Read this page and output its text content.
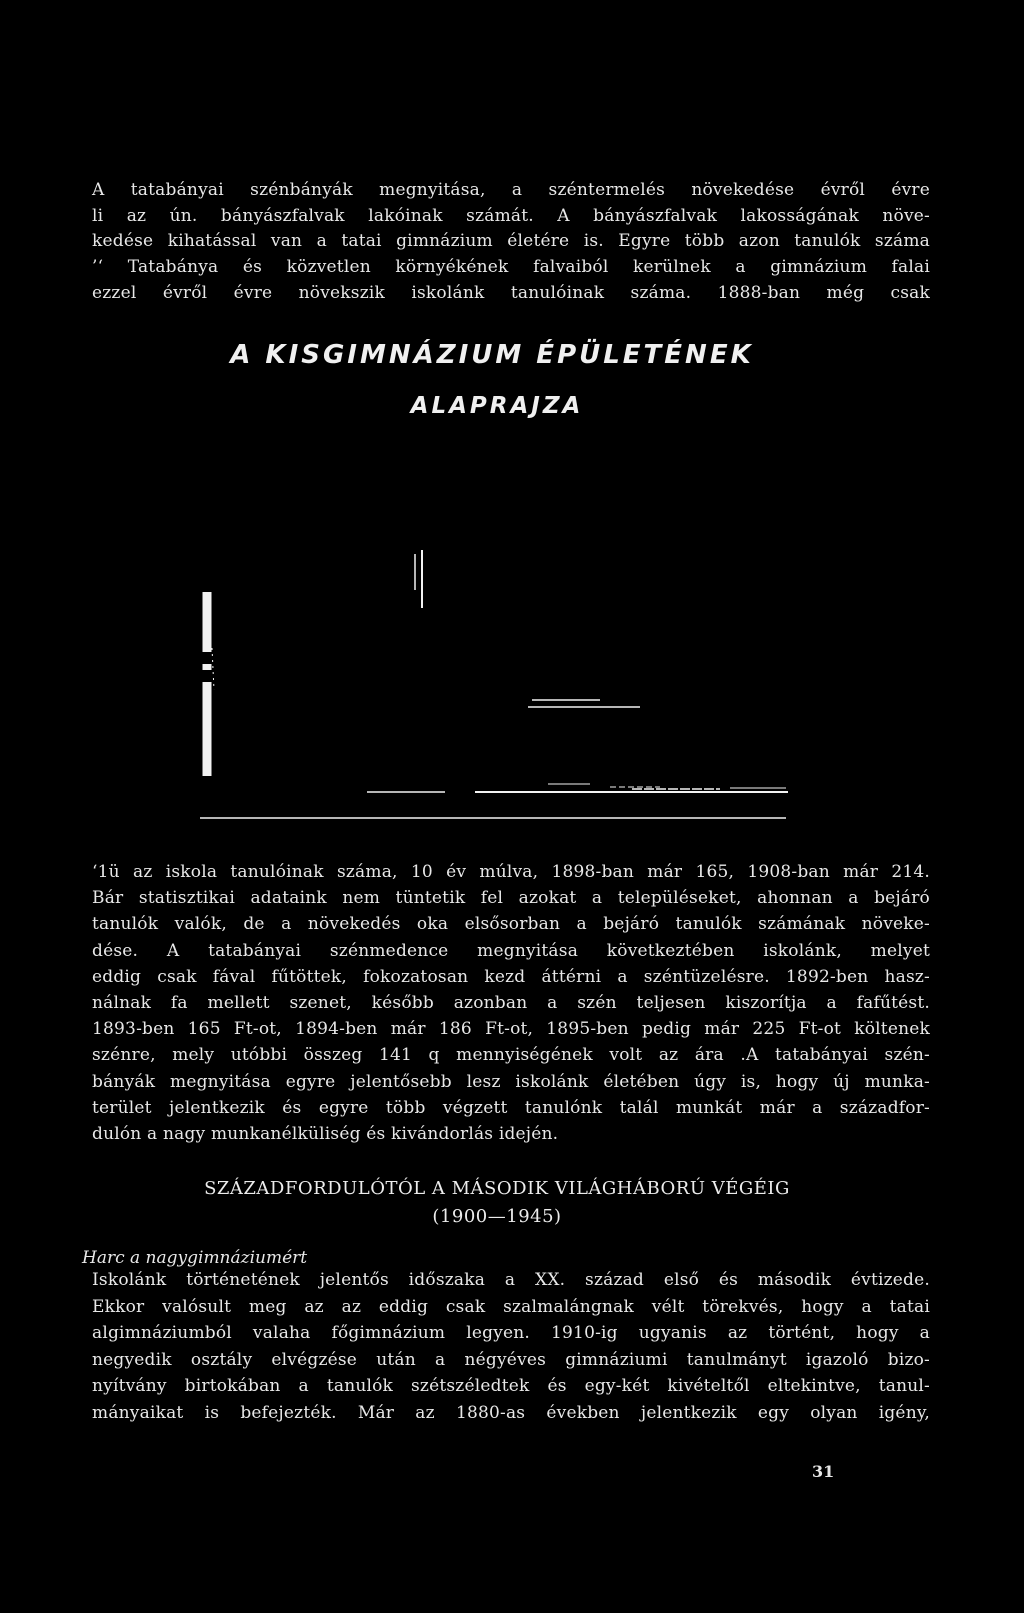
A tatabányai szénbányák megnyitása, a széntermelés növekedése évről évre
li az ún. bányászfalvak lakóinak számát. A bányászfalvak lakosságának növe-
kedése kihatással van a tatai gimnázium életére is. Egyre több azon tanulók száma
’‘ Tatabánya és közvetlen környékének falvaiból kerülnek a gimnázium falai
ezzel évről évre növekszik iskolánk tanulóinak száma. 1888-ban még csak
A KISGIMNÁZIUM ÉPÜLETÉNEK
ALAPRAJZA
‘1ü az iskola tanulóinak száma, 10 év múlva, 1898-ban már 165, 1908-ban már 214.
Bár statisztikai adataink nem tüntetik fel azokat a településeket, ahonnan a bejáró
tanulók valók, de a növekedés oka elsősorban a bejáró tanulók számának növeke-
dése. A tatabányai szénmedence megnyitása következtében iskolánk, melyet
eddig csak fával fűtöttek, fokozatosan kezd áttérni a széntüzelésre. 1892-ben hasz-
nálnak fa mellett szenet, később azonban a szén teljesen kiszorítja a fafűtést.
1893-ben 165 Ft-ot, 1894-ben már 186 Ft-ot, 1895-ben pedig már 225 Ft-ot költenek
szénre, mely utóbbi összeg 141 q mennyiségének volt az ára .A tatabányai szén-
bányák megnyitása egyre jelentősebb lesz iskolánk életében úgy is, hogy új munka-
terület jelentkezik és egyre több végzett tanulónk talál munkát már a századfor-
dulón a nagy munkanélküliség és kivándorlás idején.
SZÁZADFORDULÓTÓL A MÁSODIK VILÁGHÁBORÚ VÉGÉIG
(1900—1945)
Harc a nagygimnáziumért
Iskolánk történetének jelentős időszaka a XX. század első és második évtizede.
Ekkor valósult meg az az eddig csak szalmalángnak vélt törekvés, hogy a tatai
algimnáziumból valaha főgimnázium legyen. 1910-ig ugyanis az történt, hogy a
negyedik osztály elvégzése után a négyéves gimnáziumi tanulmányt igazoló bizo-
nyítvány birtokában a tanulók szétszéledtek és egy-két kivételtől eltekintve, tanul-
mányaikat is befejezték. Már az 1880-as években jelentkezik egy olyan igény,
31
